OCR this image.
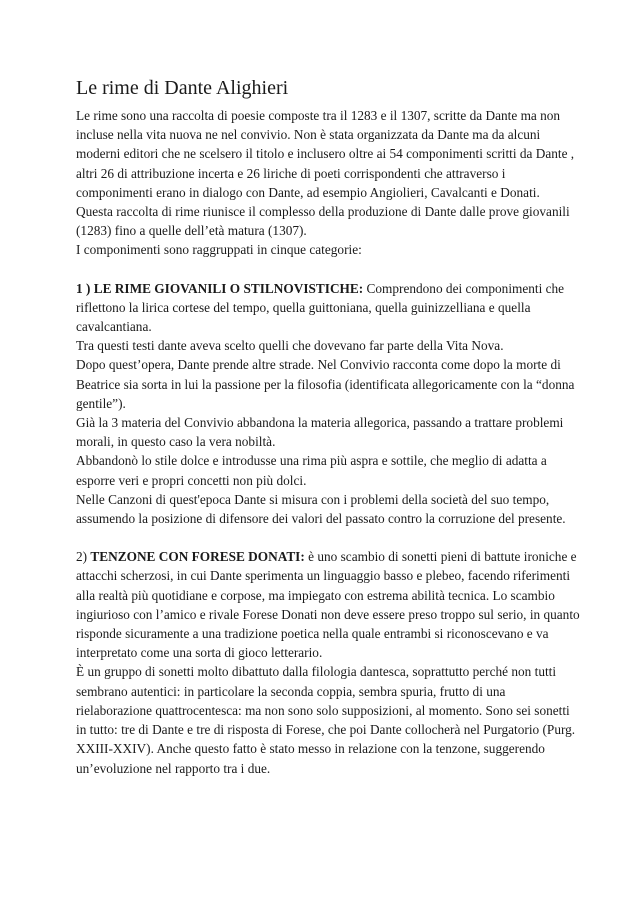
Le rime di Dante Alighieri

Le rime sono una raccolta di poesie composte tra il 1283 e il 1307, scritte da Dante ma non incluse nella vita nuova ne nel convivio. Non è stata organizzata da Dante ma da alcuni moderni editori che ne scelsero il titolo e inclusero oltre ai 54 componimenti scritti da Dante , altri 26 di attribuzione incerta e 26 liriche di poeti corrispondenti che attraverso i componimenti erano in dialogo con Dante, ad esempio Angiolieri, Cavalcanti e Donati.

Questa raccolta di rime riunisce il complesso della produzione di Dante dalle prove giovanili (1283) fino a quelle dell’età matura (1307).

I componimenti sono raggruppati in cinque categorie:

1 ) LE RIME GIOVANILI O STILNOVISTICHE: Comprendono dei componimenti che riflettono la lirica cortese del tempo, quella guittoniana, quella guinizzelliana e quella cavalcantiana.

Tra questi testi dante aveva scelto quelli che dovevano far parte della Vita Nova.

Dopo quest’opera, Dante prende altre strade. Nel Convivio racconta come dopo la morte di Beatrice sia sorta in lui la passione per la filosofia (identificata allegoricamente con la “donna gentile”).

Già la 3 materia del Convivio abbandona la materia allegorica, passando a trattare problemi morali, in questo caso la vera nobiltà.

Abbandonò lo stile dolce e introdusse una rima più aspra e sottile, che meglio di adatta a esporre veri e propri concetti non più dolci.

Nelle Canzoni di quest'epoca Dante si misura con i problemi della società del suo tempo, assumendo la posizione di difensore dei valori del passato contro la corruzione del presente.

2) TENZONE CON FORESE DONATI: è uno scambio di sonetti pieni di battute ironiche e attacchi scherzosi, in cui Dante sperimenta un linguaggio basso e plebeo, facendo riferimenti alla realtà più quotidiane e corpose, ma impiegato con estrema abilità tecnica. Lo scambio ingiurioso con l’amico e rivale Forese Donati non deve essere preso troppo sul serio, in quanto risponde sicuramente a una tradizione poetica nella quale entrambi si riconoscevano e va interpretato come una sorta di gioco letterario.

È un gruppo di sonetti molto dibattuto dalla filologia dantesca, soprattutto perché non tutti sembrano autentici: in particolare la seconda coppia, sembra spuria, frutto di una rielaborazione quattrocentesca: ma non sono solo supposizioni, al momento. Sono sei sonetti in tutto: tre di Dante e tre di risposta di Forese, che poi Dante collocherà nel Purgatorio (Purg. XXIII-XXIV). Anche questo fatto è stato messo in relazione con la tenzone, suggerendo un’evoluzione nel rapporto tra i due.
